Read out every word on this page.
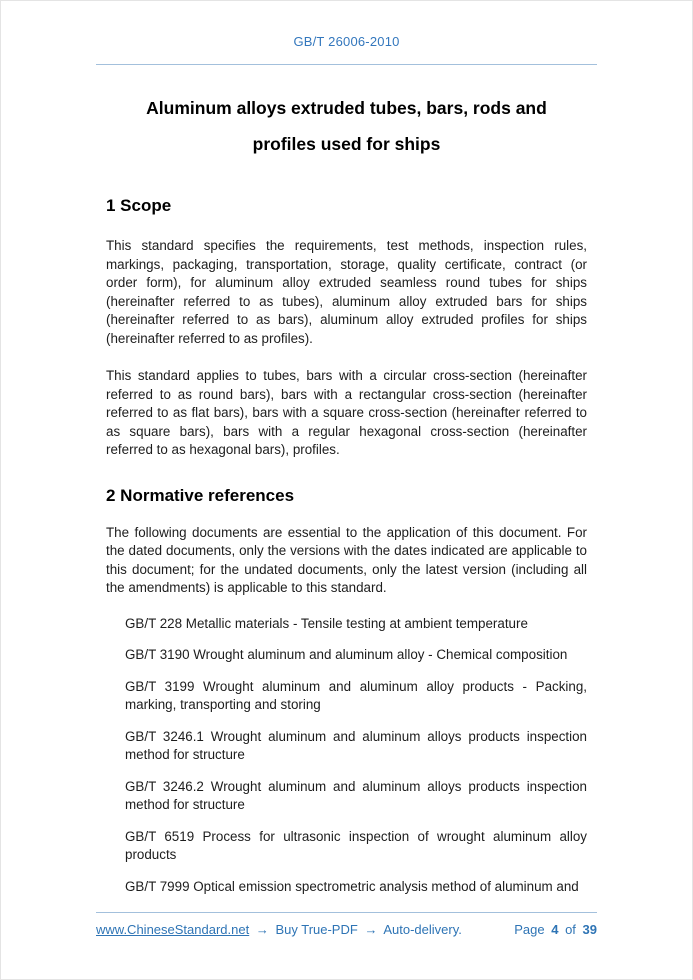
GB/T 26006-2010
Aluminum alloys extruded tubes, bars, rods and
profiles used for ships
1 Scope

This standard specifies the requirements, test methods, inspection rules, markings, packaging, transportation, storage, quality certificate, contract (or order form), for aluminum alloy extruded seamless round tubes for ships (hereinafter referred to as tubes), aluminum alloy extruded bars for ships (hereinafter referred to as bars), aluminum alloy extruded profiles for ships (hereinafter referred to as profiles).

This standard applies to tubes, bars with a circular cross-section (hereinafter referred to as round bars), bars with a rectangular cross-section (hereinafter referred to as flat bars), bars with a square cross-section (hereinafter referred to as square bars), bars with a regular hexagonal cross-section (hereinafter referred to as hexagonal bars), profiles.

2 Normative references

The following documents are essential to the application of this document. For the dated documents, only the versions with the dates indicated are applicable to this document; for the undated documents, only the latest version (including all the amendments) is applicable to this standard.

GB/T 228 Metallic materials - Tensile testing at ambient temperature

GB/T 3190 Wrought aluminum and aluminum alloy - Chemical composition

GB/T 3199 Wrought aluminum and aluminum alloy products - Packing, marking, transporting and storing

GB/T 3246.1 Wrought aluminum and aluminum alloys products inspection method for structure

GB/T 3246.2 Wrought aluminum and aluminum alloys products inspection method for structure

GB/T 6519 Process for ultrasonic inspection of wrought aluminum alloy products

GB/T 7999 Optical emission spectrometric analysis method of aluminum and

www.ChineseStandard.net → Buy True-PDF → Auto-delivery.	Page 4 of 39
